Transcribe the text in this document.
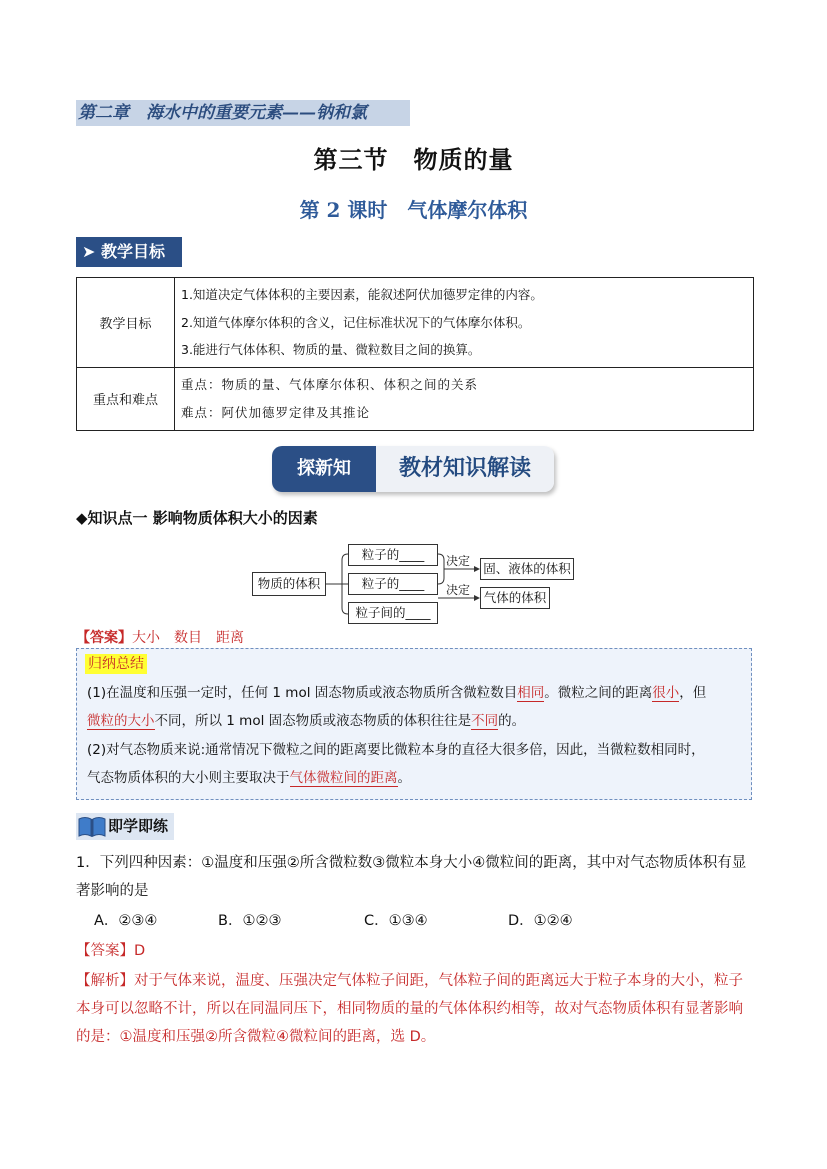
第二章　海水中的重要元素——钠和氯
第三节　物质的量
第 2 课时　气体摩尔体积
➤ 教学目标
教学目标	1.知道决定气体体积的主要因素，能叙述阿伏加德罗定律的内容。
2.知道气体摩尔体积的含义，记住标准状况下的气体摩尔体积。
3.能进行气体体积、物质的量、微粒数目之间的换算。

重点和难点	重点：物质的量、气体摩尔体积、体积之间的关系
难点：阿伏加德罗定律及其推论
教材知识解读
探新知
◆知识点一 影响物质体积大小的因素
物质的体积
粒子的____
粒子的____
粒子间的____
决定
决定
固、液体的体积
气体的体积
【答案】大小　数目　距离
归纳总结
(1)在温度和压强一定时，任何 1 mol 固态物质或液态物质所含微粒数目相同。微粒之间的距离很小，但
微粒的大小不同，所以 1 mol 固态物质或液态物质的体积往往是不同的。
(2)对气态物质来说:通常情况下微粒之间的距离要比微粒本身的直径大很多倍，因此，当微粒数相同时，
气态物质体积的大小则主要取决于气体微粒间的距离。
即学即练
1．下列四种因素：①温度和压强②所含微粒数③微粒本身大小④微粒间的距离，其中对气态物质体积有显
著影响的是
A．②③④	B．①②③	C．①③④	D．①②④
【答案】D
【解析】对于气体来说，温度、压强决定气体粒子间距，气体粒子间的距离远大于粒子本身的大小，粒子
本身可以忽略不计，所以在同温同压下，相同物质的量的气体体积约相等，故对气态物质体积有显著影响
的是：①温度和压强②所含微粒④微粒间的距离，选 D。
